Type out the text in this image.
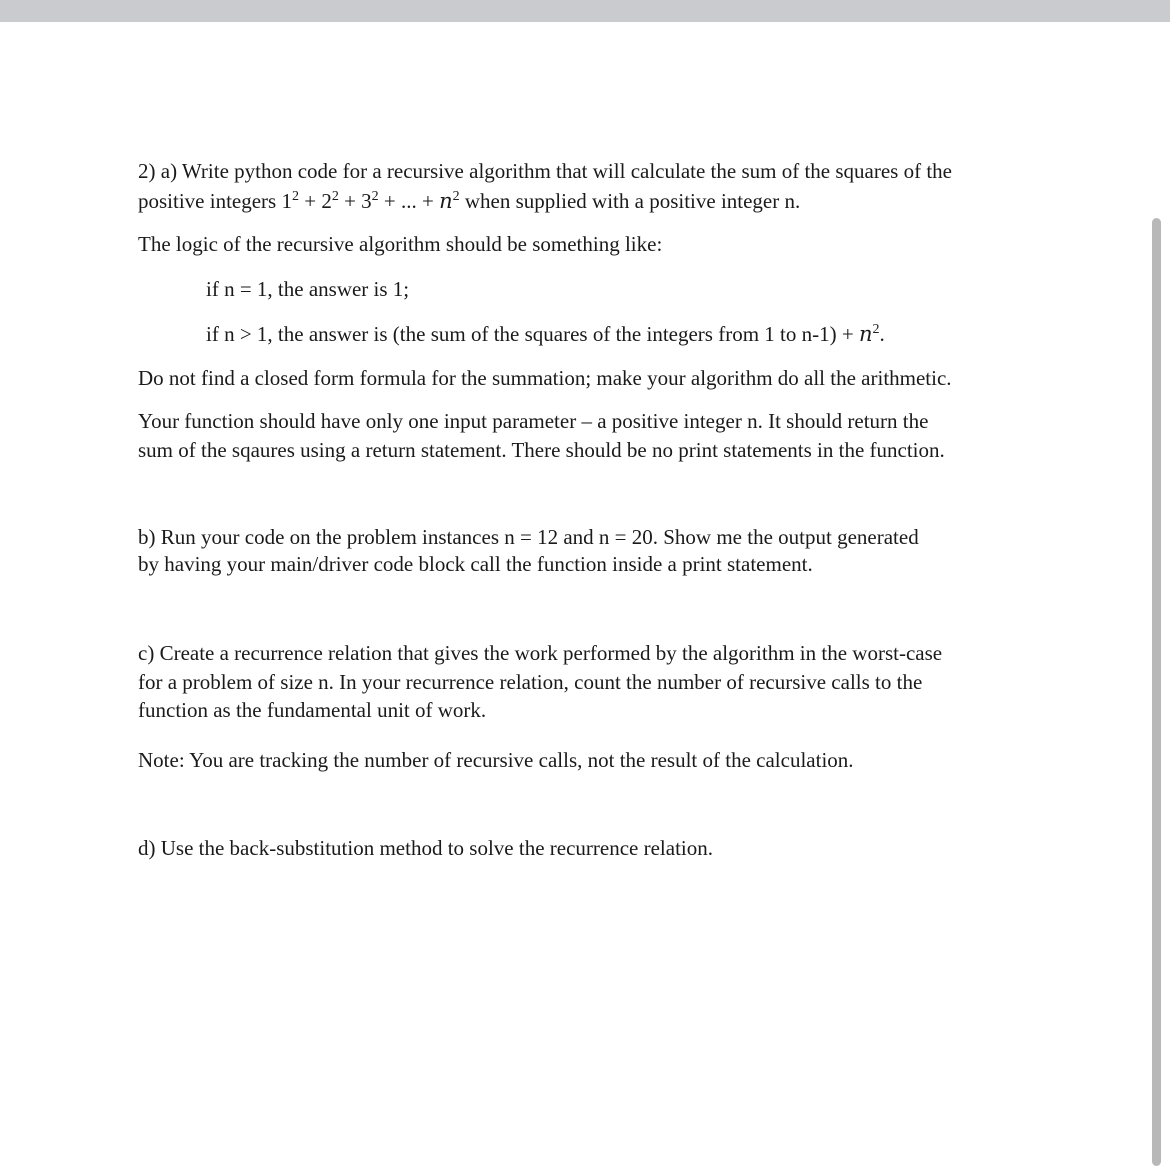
2) a) Write python code for a recursive algorithm that will calculate the sum of the squares of the
positive integers $1^2 + 2^2 + 3^2$ + ... + $n^2$ when supplied with a positive integer n.
The logic of the recursive algorithm should be something like:
if n = 1, the answer is 1;
if n > 1, the answer is (the sum of the squares of the integers from 1 to $n-1) + n^2$.
Do not find a closed form formula for the summation; make your algorithm do all the arithmetic.
Your function should have only one input parameter – a positive integer n. It should return the
sum of the sqaures using a return statement. There should be no print statements in the function.
b) Run your code on the problem instances n = 12 and n = 20. Show me the output generated
by having your main/driver code block call the function inside a print statement.
c) Create a recurrence relation that gives the work performed by the algorithm in the worst-case
for a problem of size n. In your recurrence relation, count the number of recursive calls to the
function as the fundamental unit of work.
Note: You are tracking the number of recursive calls, not the result of the calculation.
d) Use the back-substitution method to solve the recurrence relation.
